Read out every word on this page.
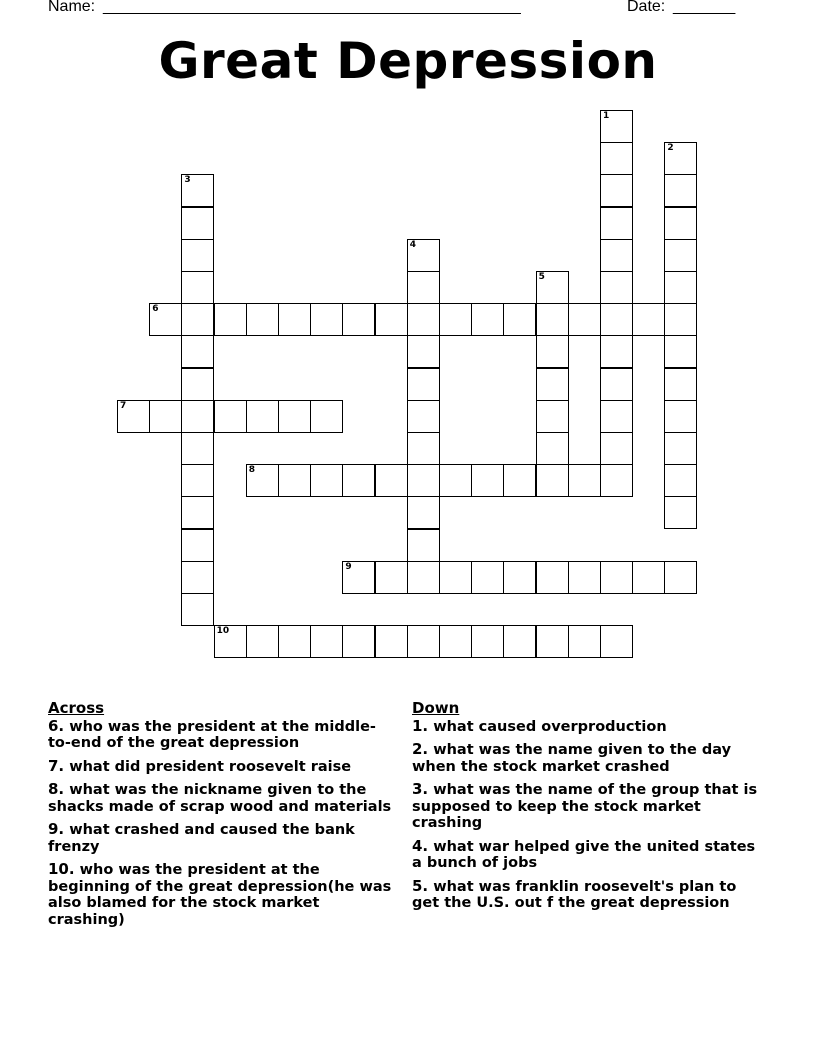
Name: ________________________________________________	Date: _______
Great Depression
1
2
3
4
5
6
7
8
9
10
Across
6. who was the president at the middle-to-end of the great depression
7. what did president roosevelt raise
8. what was the nickname given to the shacks made of scrap wood and materials
9. what crashed and caused the bank frenzy
10. who was the president at the beginning of the great depression(he was also blamed for the stock market crashing)
Down
1. what caused overproduction
2. what was the name given to the day when the stock market crashed
3. what was the name of the group that is supposed to keep the stock market crashing
4. what war helped give the united states a bunch of jobs
5. what was franklin roosevelt's plan to get the U.S. out f the great depression
